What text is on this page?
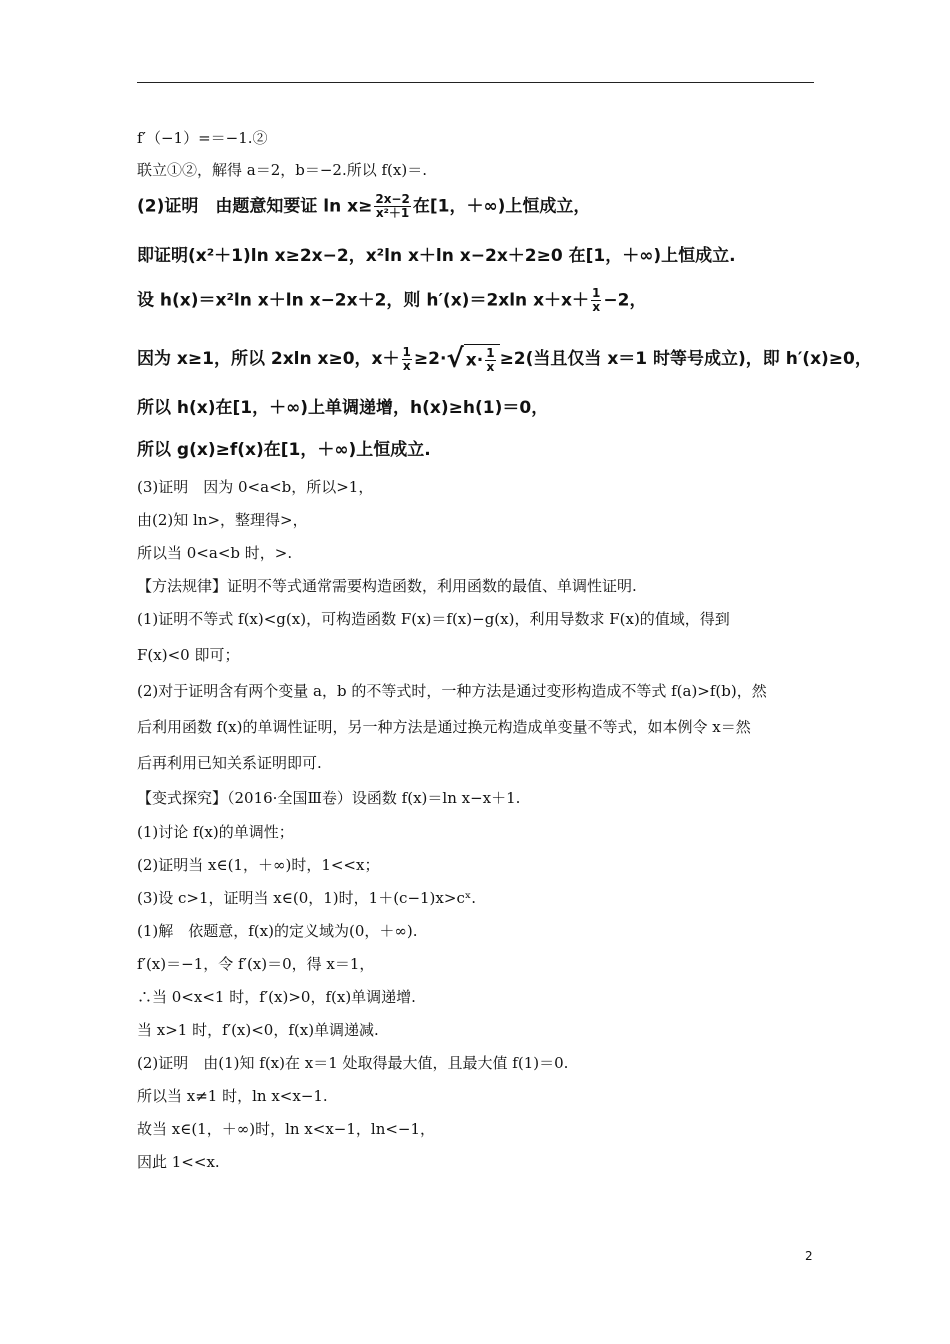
f′（−1）=＝−1.②
联立①②，解得 a＝2，b＝−2.所以 f(x)＝.
(2)证明　由题意知要证 $\ln x\ge \frac{2x-2}{\text{x²＋1}}$ 在[1，＋∞)上恒成立，
即证明(x²＋1)ln x≥2x−2，x²ln x＋ln x−2x＋2≥0 在[1，＋∞)上恒成立.
设 h(x)＝x²ln x＋ln x−2x＋2，则 h′(x)＝2xln $x+x+ \frac{1}{x} -2$，
因为 x≥1，所以 2xln x≥0，$x+ \frac{1}{x} \ge 2\cdot√$ $x\cdot \frac{1}{x} \ge 2$(当且仅当 x＝1 时等号成立)，即 h′(x)≥0，
所以 h(x)在[1，＋∞)上单调递增，h(x)≥h(1)＝0，
所以 g(x)≥f(x)在[1，＋∞)上恒成立.
(3)证明　因为 0<a<b，所以>1，
由(2)知 ln>，整理得>，
所以当 0<a<b 时，>.
【方法规律】证明不等式通常需要构造函数，利用函数的最值、单调性证明.
(1)证明不等式 f(x)<g(x)，可构造函数 F(x)＝f(x)−g(x)，利用导数求 F(x)的值域，得到
F(x)<0 即可；
(2)对于证明含有两个变量 a，b 的不等式时，一种方法是通过变形构造成不等式 f(a)>f(b)，然
后利用函数 f(x)的单调性证明，另一种方法是通过换元构造成单变量不等式，如本例令 x＝然
后再利用已知关系证明即可.
【变式探究】（2016·全国Ⅲ卷）设函数 f(x)＝ln x−x＋1.
(1)讨论 f(x)的单调性；
(2)证明当 x∈(1，＋∞)时，1<<x；
(3)设 c>1，证明当 x∈(0，1)时，1＋(c−1)x>cˣ.
(1)解　依题意，f(x)的定义域为(0，＋∞).
f′(x)＝−1，令 f′(x)＝0，得 x＝1，
∴当 0<x<1 时，f′(x)>0，f(x)单调递增.
当 x>1 时，f′(x)<0，f(x)单调递减.
(2)证明　由(1)知 f(x)在 x＝1 处取得最大值，且最大值 f(1)＝0.
所以当 x≠1 时，ln x<x−1.
故当 x∈(1，＋∞)时，ln x<x−1，ln<−1，
因此 1<<x.
2
